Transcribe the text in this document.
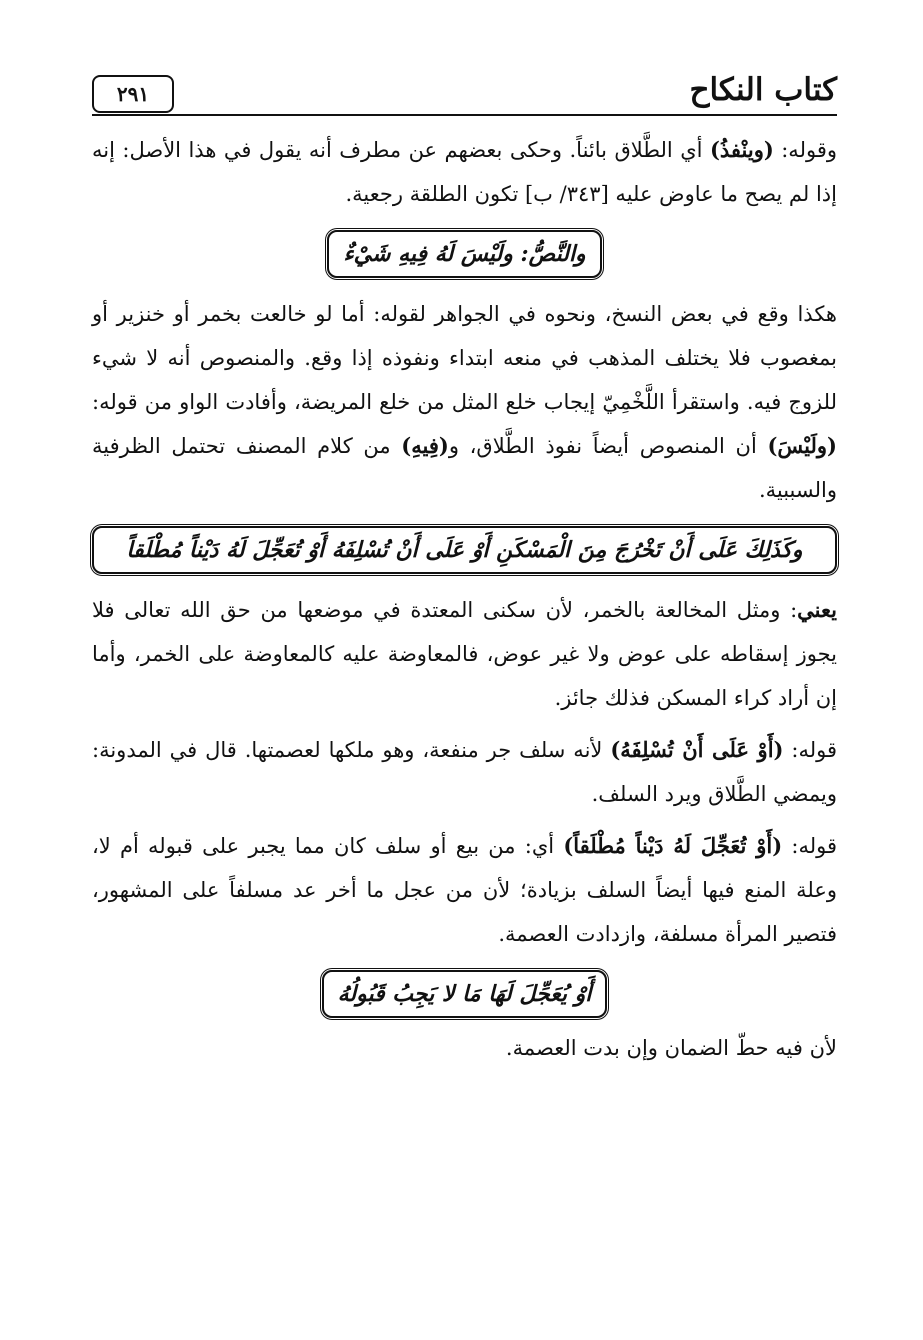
كتاب النكاح
٢٩١

وقوله: (وينْفذُ) أي الطَّلاق بائناً. وحكى بعضهم عن مطرف أنه يقول في هذا الأصل: إنه إذا لم يصح ما عاوض عليه [٣٤٣/ ب] تكون الطلقة رجعية.

والنَّصُّ: ولَيْسَ لَهُ فِيهِ شَيْءٌ

هكذا وقع في بعض النسخ، ونحوه في الجواهر لقوله: أما لو خالعت بخمر أو خنزير أو بمغصوب فلا يختلف المذهب في منعه ابتداء ونفوذه إذا وقع. والمنصوص أنه لا شيء للزوج فيه. واستقرأ اللَّخْمِيّ إيجاب خلع المثل من خلع المريضة، وأفادت الواو من قوله: (ولَيْسَ) أن المنصوص أيضاً نفوذ الطَّلاق، و(فِيهِ) من كلام المصنف تحتمل الظرفية والسببية.

وكَذَلِكَ عَلَى أَنْ تَخْرُجَ مِنَ الْمَسْكَنِ أَوْ عَلَى أَنْ تُسْلِفَهُ أَوْ تُعَجِّلَ لَهُ دَيْناً مُطْلَقاً

يعني: ومثل المخالعة بالخمر، لأن سكنى المعتدة في موضعها من حق الله تعالى فلا يجوز إسقاطه على عوض ولا غير عوض، فالمعاوضة عليه كالمعاوضة على الخمر، وأما إن أراد كراء المسكن فذلك جائز.

قوله: (أَوْ عَلَى أَنْ تُسْلِفَهُ) لأنه سلف جر منفعة، وهو ملكها لعصمتها. قال في المدونة: ويمضي الطَّلاق ويرد السلف.

قوله: (أَوْ تُعَجِّلَ لَهُ دَيْناً مُطْلَقاً) أي: من بيع أو سلف كان مما يجبر على قبوله أم لا، وعلة المنع فيها أيضاً السلف بزيادة؛ لأن من عجل ما أخر عد مسلفاً على المشهور، فتصير المرأة مسلفة، وازدادت العصمة.

أَوْ يُعَجِّلَ لَهَا مَا لا يَجِبُ قَبُولُهُ

لأن فيه حطّ الضمان وإن بدت العصمة.
